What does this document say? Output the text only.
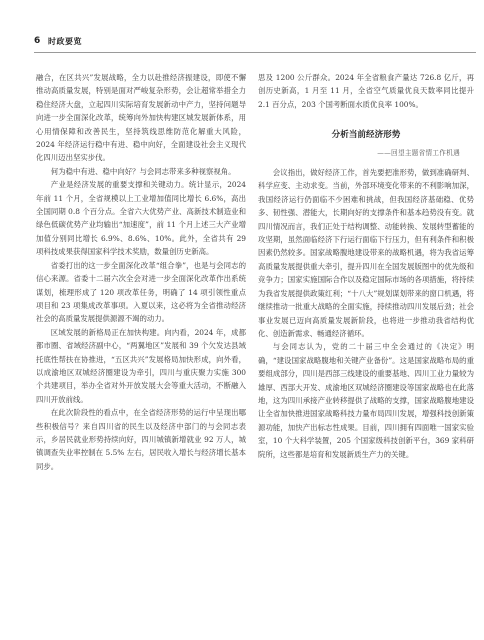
6 时政要览

融合，在区共兴”发展战略，全力以赴推经济振建设，即使不懈推动高质量发展，特别是面对严峻复杂形势，会让超常举措全力稳住经济大盘，立起四川实际培育发展新动中产力，坚持问题导向进一步全面深化改革，统筹向外加快构建区城发展新体系，用心用情保障和改善民生，坚持筑线思维防范化解重大风险，2024 年经济运行稳中有进、稳中向好，全面建设社会主义现代化四川迈出坚实步伐。

何为稳中有进、稳中向好？与会同志带来多种视察视角。

产业是经济发展的重要支撑和关键动力。统计显示，2024 年前 11 个月，全省规模以上工业增加值同比增长 6.6%，高出全国同期 0.8 个百分点。全省六大优势产业、高新技术制造业和绿色低碳优势产业均输出“加速度”，前 11 个月上述三大产业增加值分别同比增长 6.9%、8.6%、10%。此外，全省共有 29 项科技成果获得国家科学技术奖励，数量创历史新高。

省委打出的这一步全面深化改革“组合拳”，也是与会同志的信心来源。省委十二届六次全会对进一步全面深化改革作出系统谋划，梳理形成了 120 项改革任务，明确了 14 项引领性重点项目和 23 项集成改革事项。入夏以来，这必将为全省推动经济社会的高质量发展提供源源不竭的动力。

区域发展的新格局正在加快构建。向内看，2024 年，成都都市圈、省域经济副中心，“两翼地区”发展和 39 个欠发达县域托底性帮扶在协推进，“五区共兴”发展格局加快形成，向外看，以成渝地区双城经济圈建设为牵引，四川与重庆聚力实施 300 个共建项目，举办全省对外开放发展大会等重大活动，不断融入四川开放前线。

在此次阶段性的看点中，在全省经济形势的运行中呈现出哪些积极信号？来自四川省的民生以及经济中部门的与会同志表示，乡居民就业形势持续向好，四川城镇新增就业 92 万人，城镇调查失业率控制在 5.5% 左右，居民收入增长与经济增长基本同步。

思及 1200 公斤群众。2024 年全省粮食产量达 726.8 亿斤，再创历史新高，1 月至 11 月，全省空气质量优良天数率同比提升 2.1 百分点，203 个国考断面水质优良率 100%。

分析当前经济形势
——回望主题省情工作机遇

会议指出，做好经济工作，首先要把准形势，做到准确研判、科学应变、主动求变。当前，外部环境变化带来的不利影响加深，我国经济运行仍面临不少困难和挑战，但我国经济基础稳、优势多、韧性强、潜能大，长期向好的支撑条件和基本趋势没有变。就四川情况而言，我们正处于结构调整、动能转换、发展转型蓄能的攻坚期，虽然面临经济下行运行面临下行压力，但有利条件和积极因素仍然较多。国家战略腹地建设带来的战略机遇，将为我省运筹高质量发展提供重大牵引，提升四川在全国发展版图中的优先级和竞争力；国家实施国际合作以及稳定国际市场的各项措施，将持续为我省发展提供政策红利；“十八大”规划谋划带来的窗口机遇，将继续推动一批重大战略的全面实施，持续推动四川发展后劲；社会事业发展已迈向高质量发展新阶段，也将进一步推动我省结构优化、创造新需求、畅通经济循环。

与会同志认为，党的二十届三中全会通过的《决定》明确，“建设国家战略腹地和关键产业备份”。这是国家战略布局的重要组成部分，四川是西部三线建设的重要基地、四川工业力量较为雄厚、西部大开发、成渝地区双城经济圈建设等国家战略也在此落地，这为四川承接产业转移提供了战略的支撑，国家战略腹地建设让全省加快推进国家战略科技力量布局四川发展，增强科技创新策源功能，加快产出标志性成果。目前，四川拥有四面唯一国家实验室，10 个大科学装置，205 个国家级科技创新平台，369 家科研院所，这些都是培育和发展新质生产力的关键。
